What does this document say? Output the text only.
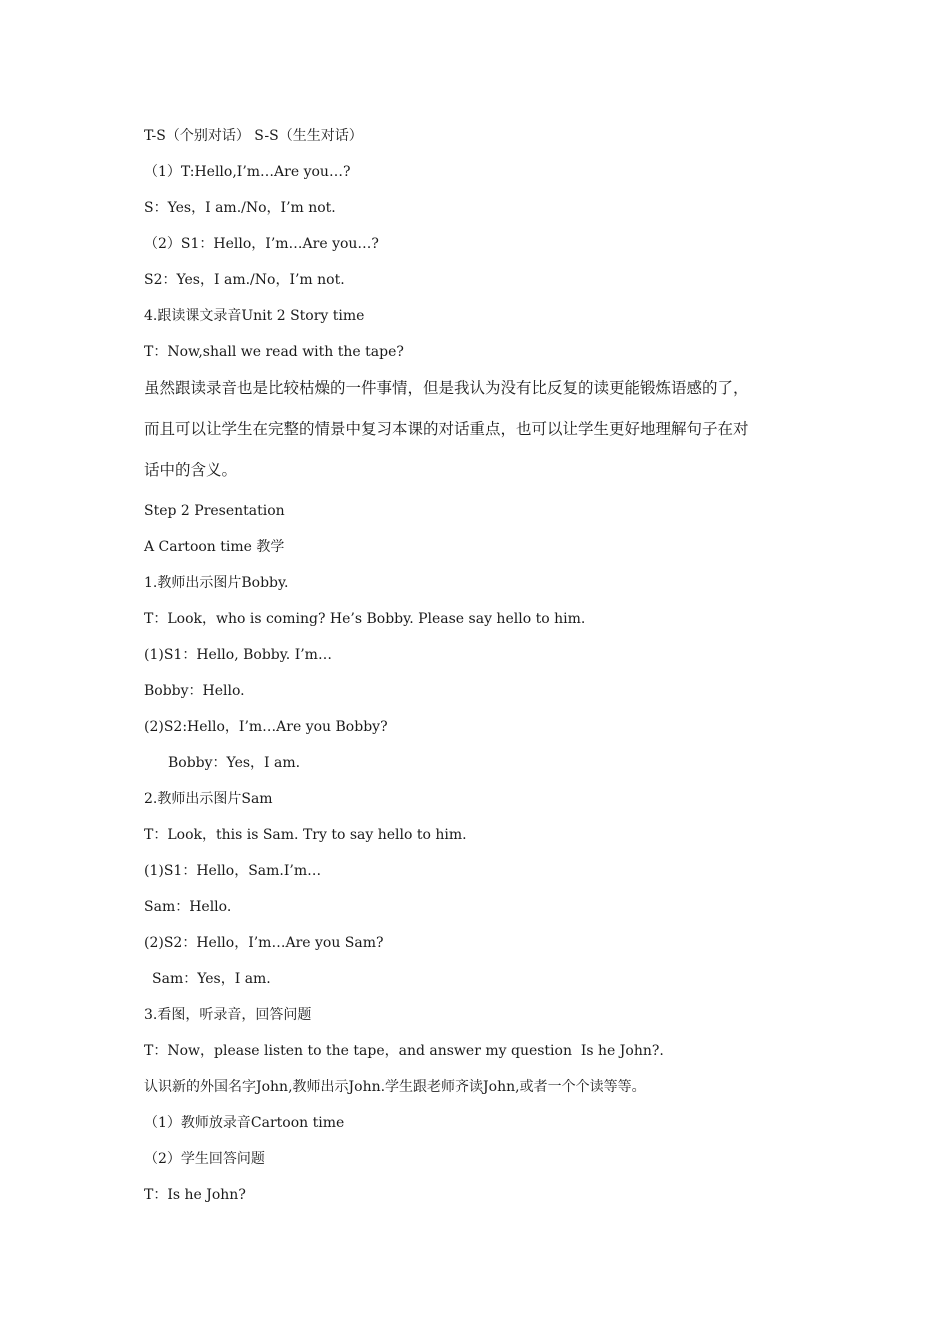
T-S（个别对话） S-S（生生对话）
（1）T:Hello,I’m…Are you…?
S：Yes，I am./No，I’m not.
（2）S1：Hello，I’m…Are you…?
S2：Yes，I am./No，I’m not.
4.跟读课文录音Unit 2 Story time
T：Now,shall we read with the tape?
虽然跟读录音也是比较枯燥的一件事情，但是我认为没有比反复的读更能锻炼语感的了，
而且可以让学生在完整的情景中复习本课的对话重点，也可以让学生更好地理解句子在对
话中的含义。
Step 2 Presentation
A Cartoon time 教学
1.教师出示图片Bobby.
T：Look，who is coming? He’s Bobby. Please say hello to him.
(1)S1：Hello, Bobby. I’m…
Bobby：Hello.
(2)S2:Hello，I’m…Are you Bobby?
Bobby：Yes，I am.
2.教师出示图片Sam
T：Look，this is Sam. Try to say hello to him.
(1)S1：Hello，Sam.I’m…
Sam：Hello.
(2)S2：Hello，I’m…Are you Sam?
Sam：Yes，I am.
3.看图，听录音，回答问题
T：Now，please listen to the tape，and answer my question  Is he John?.
认识新的外国名字John,教师出示John.学生跟老师齐读John,或者一个个读等等。
（1）教师放录音Cartoon time
（2）学生回答问题
T：Is he John?
